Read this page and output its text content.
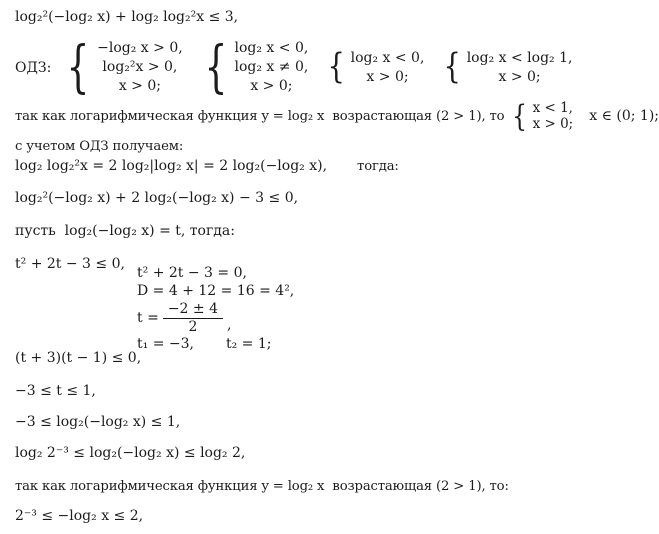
log₂²(−log₂ x) + log₂ log₂²x ≤ 3,
ОДЗ: { −log₂ x > 0,
log₂²x > 0,
x > 0; { log₂ x < 0,
log₂ x ≠ 0,
x > 0;	{ log₂ x < 0,
x > 0;	{ log₂ x < log₂ 1,
x > 0;
так как логарифмическая функция y = log₂ x  возрастающая (2 > 1), то { x < 1,
x > 0; x ∈ (0; 1);
с учетом ОДЗ получаем:
log₂ log₂²x = 2 log₂|log₂ x| = 2 log₂(−log₂ x), тогда:
log₂²(−log₂ x) + 2 log₂(−log₂ x) − 3 ≤ 0,
пусть  log₂(−log₂ x) = t, тогда:
t² + 2t − 3 ≤ 0,
t² + 2t − 3 = 0,
D = 4 + 12 = 16 = 4²,
$t = \frac{-2 \pm 4}{2}$ ,
t₁ = −3, t₂ = 1;
(t + 3)(t − 1) ≤ 0,
−3 ≤ t ≤ 1,
−3 ≤ log₂(−log₂ x) ≤ 1,
log₂ 2⁻³ ≤ log₂(−log₂ x) ≤ log₂ 2,
так как логарифмическая функция y = log₂ x  возрастающая (2 > 1), то:
2⁻³ ≤ −log₂ x ≤ 2,
